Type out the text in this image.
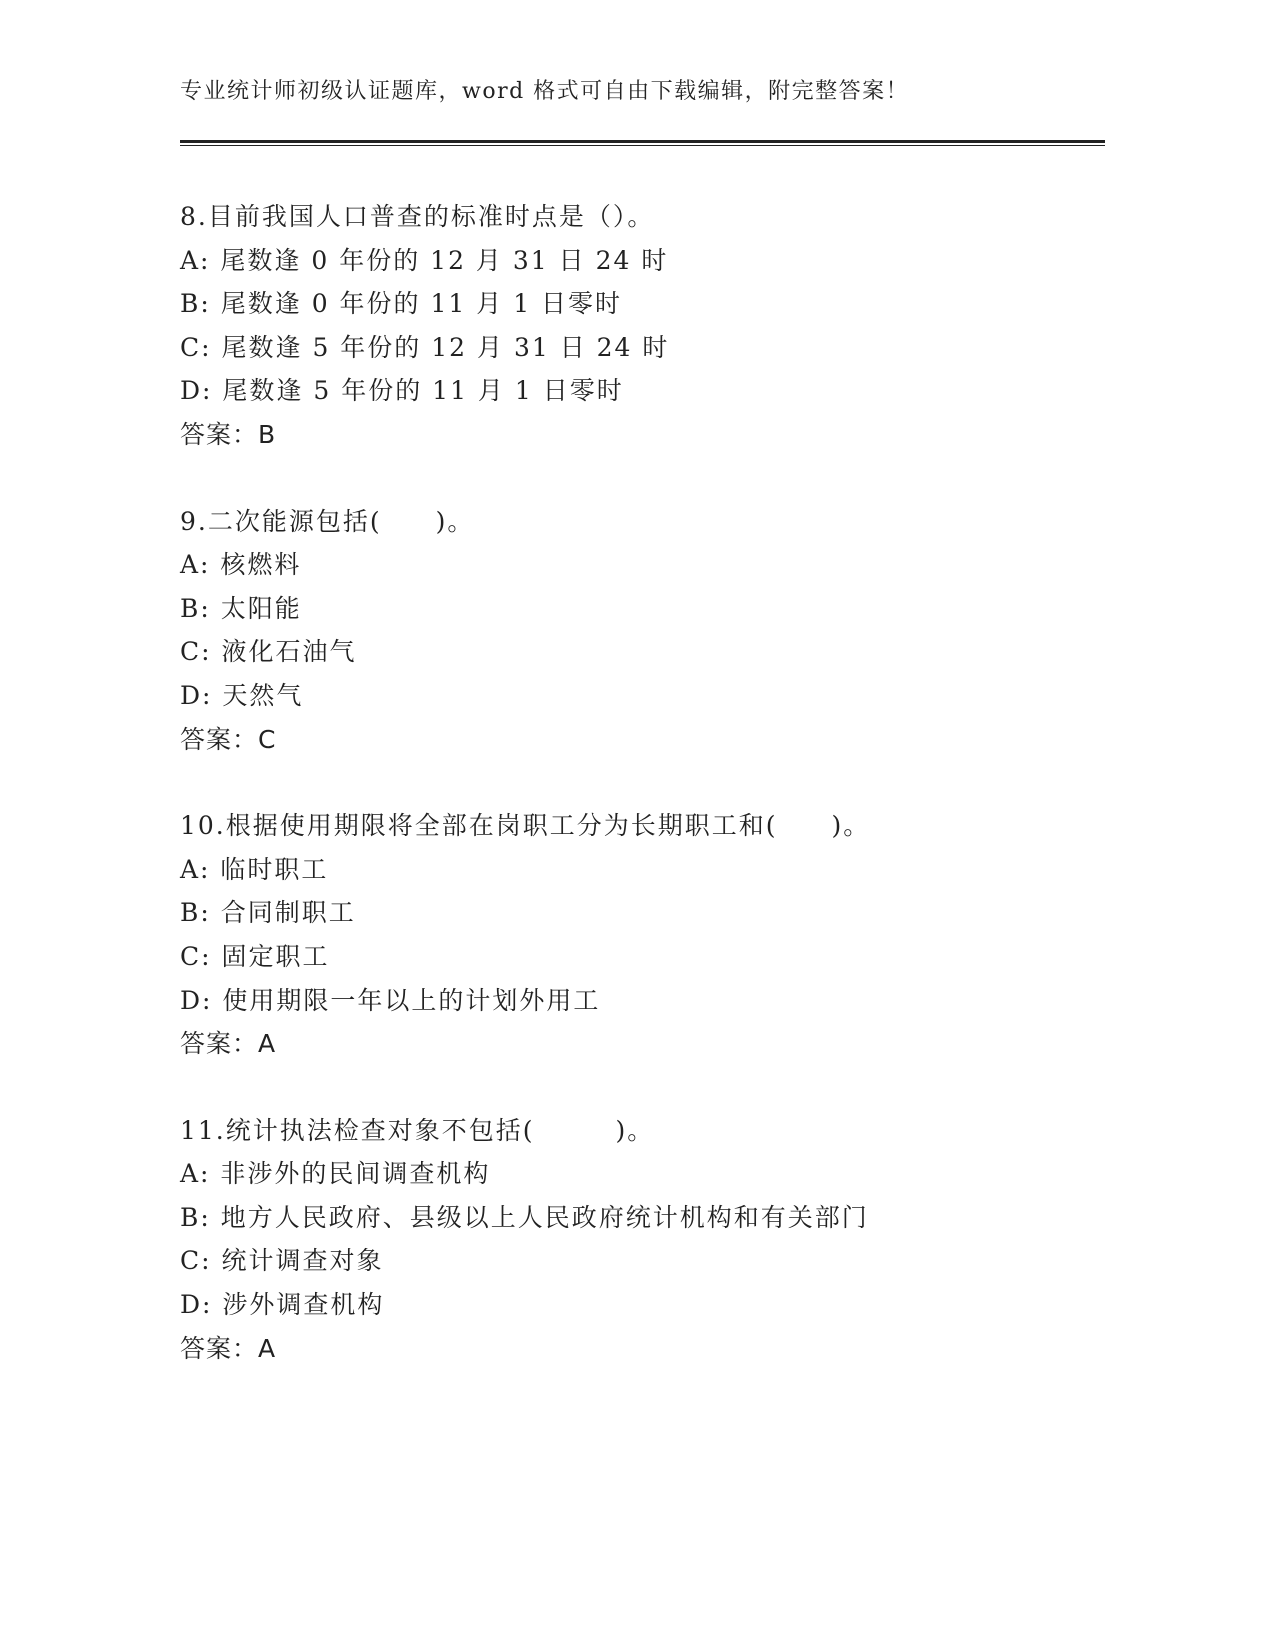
专业统计师初级认证题库，word 格式可自由下载编辑，附完整答案！
8.目前我国人口普查的标准时点是（）。
A: 尾数逢 0 年份的 12 月 31 日 24 时
B: 尾数逢 0 年份的 11 月 1 日零时
C: 尾数逢 5 年份的 12 月 31 日 24 时
D: 尾数逢 5 年份的 11 月 1 日零时
答案：B
9.二次能源包括(　　)。
A: 核燃料
B: 太阳能
C: 液化石油气
D: 天然气
答案：C
10.根据使用期限将全部在岗职工分为长期职工和(　　)。
A: 临时职工
B: 合同制职工
C: 固定职工
D: 使用期限一年以上的计划外用工
答案：A
11.统计执法检查对象不包括(　　　)。
A: 非涉外的民间调查机构
B: 地方人民政府、县级以上人民政府统计机构和有关部门
C: 统计调查对象
D: 涉外调查机构
答案：A
